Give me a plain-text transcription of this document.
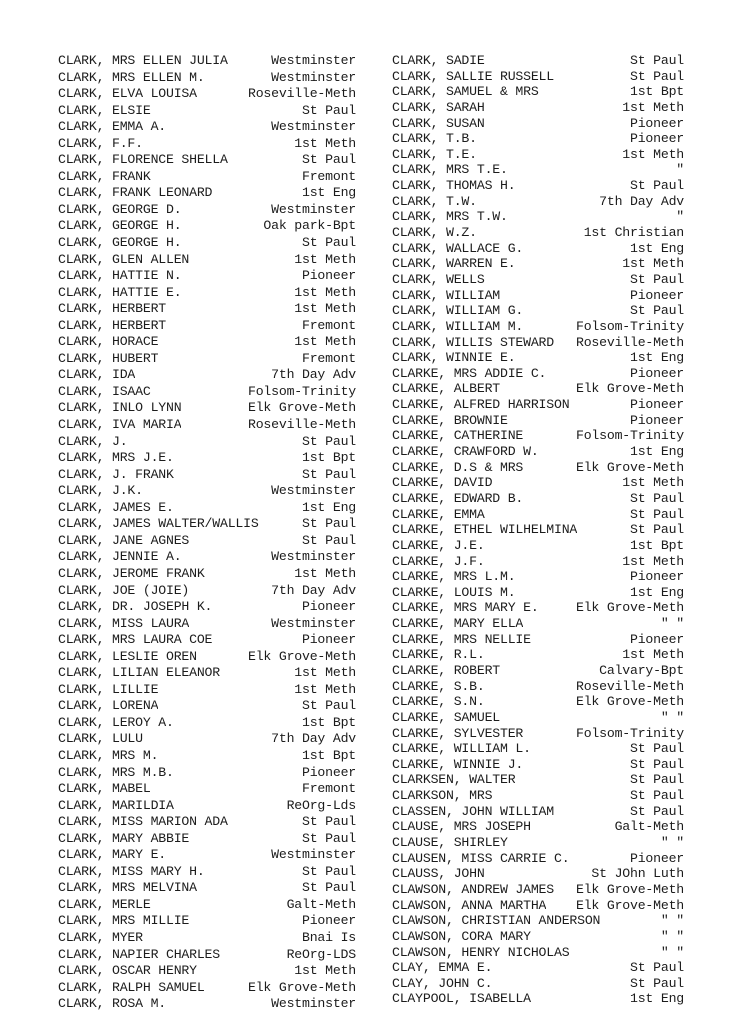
CLARK, MRS ELLEN JULIA	Westminster
CLARK, MRS ELLEN M.	Westminster
CLARK, ELVA LOUISA	Roseville-Meth
CLARK, ELSIE	St Paul
CLARK, EMMA A.	Westminster
CLARK, F.F.	1st Meth
CLARK, FLORENCE SHELLA	St Paul
CLARK, FRANK	Fremont
CLARK, FRANK LEONARD	1st Eng
CLARK, GEORGE D.	Westminster
CLARK, GEORGE H.	Oak park-Bpt
CLARK, GEORGE H.	St Paul
CLARK, GLEN ALLEN	1st Meth
CLARK, HATTIE N.	Pioneer
CLARK, HATTIE E.	1st Meth
CLARK, HERBERT	1st Meth
CLARK, HERBERT	Fremont
CLARK, HORACE	1st Meth
CLARK, HUBERT	Fremont
CLARK, IDA	7th Day Adv
CLARK, ISAAC	Folsom-Trinity
CLARK, INLO LYNN	Elk Grove-Meth
CLARK, IVA MARIA	Roseville-Meth
CLARK, J.	St Paul
CLARK, MRS J.E.	1st Bpt
CLARK, J. FRANK	St Paul
CLARK, J.K.	Westminster
CLARK, JAMES E.	1st Eng
CLARK, JAMES WALTER/WALLIS	St Paul
CLARK, JANE AGNES	St Paul
CLARK, JENNIE A.	Westminster
CLARK, JEROME FRANK	1st Meth
CLARK, JOE (JOIE)	7th Day Adv
CLARK, DR. JOSEPH K.	Pioneer
CLARK, MISS LAURA	Westminster
CLARK, MRS LAURA COE	Pioneer
CLARK, LESLIE OREN	Elk Grove-Meth
CLARK, LILIAN ELEANOR	1st Meth
CLARK, LILLIE	1st Meth
CLARK, LORENA	St Paul
CLARK, LEROY A.	1st Bpt
CLARK, LULU	7th Day Adv
CLARK, MRS M.	1st Bpt
CLARK, MRS M.B.	Pioneer
CLARK, MABEL	Fremont
CLARK, MARILDIA	ReOrg-Lds
CLARK, MISS MARION ADA	St Paul
CLARK, MARY ABBIE	St Paul
CLARK, MARY E.	Westminster
CLARK, MISS MARY H.	St Paul
CLARK, MRS MELVINA	St Paul
CLARK, MERLE	Galt-Meth
CLARK, MRS MILLIE	Pioneer
CLARK, MYER	Bnai Is
CLARK, NAPIER CHARLES	ReOrg-LDS
CLARK, OSCAR HENRY	1st Meth
CLARK, RALPH SAMUEL	Elk Grove-Meth
CLARK, ROSA M.	Westminster
CLARK, SADIE	St Paul
CLARK, SALLIE RUSSELL	St Paul
CLARK, SAMUEL & MRS	1st Bpt
CLARK, SARAH	1st Meth
CLARK, SUSAN	Pioneer
CLARK, T.B.	Pioneer
CLARK, T.E.	1st Meth
CLARK, MRS T.E.	"
CLARK, THOMAS H.	St Paul
CLARK, T.W.	7th Day Adv
CLARK, MRS T.W.	"
CLARK, W.Z.	1st Christian
CLARK, WALLACE G.	1st Eng
CLARK, WARREN E.	1st Meth
CLARK, WELLS	St Paul
CLARK, WILLIAM	Pioneer
CLARK, WILLIAM G.	St Paul
CLARK, WILLIAM M.	Folsom-Trinity
CLARK, WILLIS STEWARD	Roseville-Meth
CLARK, WINNIE E.	1st Eng
CLARKE, MRS ADDIE C.	Pioneer
CLARKE, ALBERT	Elk Grove-Meth
CLARKE, ALFRED HARRISON	Pioneer
CLARKE, BROWNIE	Pioneer
CLARKE, CATHERINE	Folsom-Trinity
CLARKE, CRAWFORD W.	1st Eng
CLARKE, D.S & MRS	Elk Grove-Meth
CLARKE, DAVID	1st Meth
CLARKE, EDWARD B.	St Paul
CLARKE, EMMA	St Paul
CLARKE, ETHEL WILHELMINA	St Paul
CLARKE, J.E.	1st Bpt
CLARKE, J.F.	1st Meth
CLARKE, MRS L.M.	Pioneer
CLARKE, LOUIS M.	1st Eng
CLARKE, MRS MARY E.	Elk Grove-Meth
CLARKE, MARY ELLA	" "
CLARKE, MRS NELLIE	Pioneer
CLARKE, R.L.	1st Meth
CLARKE, ROBERT	Calvary-Bpt
CLARKE, S.B.	Roseville-Meth
CLARKE, S.N.	Elk Grove-Meth
CLARKE, SAMUEL	" "
CLARKE, SYLVESTER	Folsom-Trinity
CLARKE, WILLIAM L.	St Paul
CLARKE, WINNIE J.	St Paul
CLARKSEN, WALTER	St Paul
CLARKSON, MRS	St Paul
CLASSEN, JOHN WILLIAM	St Paul
CLAUSE, MRS JOSEPH	Galt-Meth
CLAUSE, SHIRLEY	" "
CLAUSEN, MISS CARRIE C.	Pioneer
CLAUSS, JOHN	St JOhn Luth
CLAWSON, ANDREW JAMES	Elk Grove-Meth
CLAWSON, ANNA MARTHA	Elk Grove-Meth
CLAWSON, CHRISTIAN ANDERSON	" "
CLAWSON, CORA MARY	" "
CLAWSON, HENRY NICHOLAS	" "
CLAY, EMMA E.	St Paul
CLAY, JOHN C.	St Paul
CLAYPOOL, ISABELLA	1st Eng
